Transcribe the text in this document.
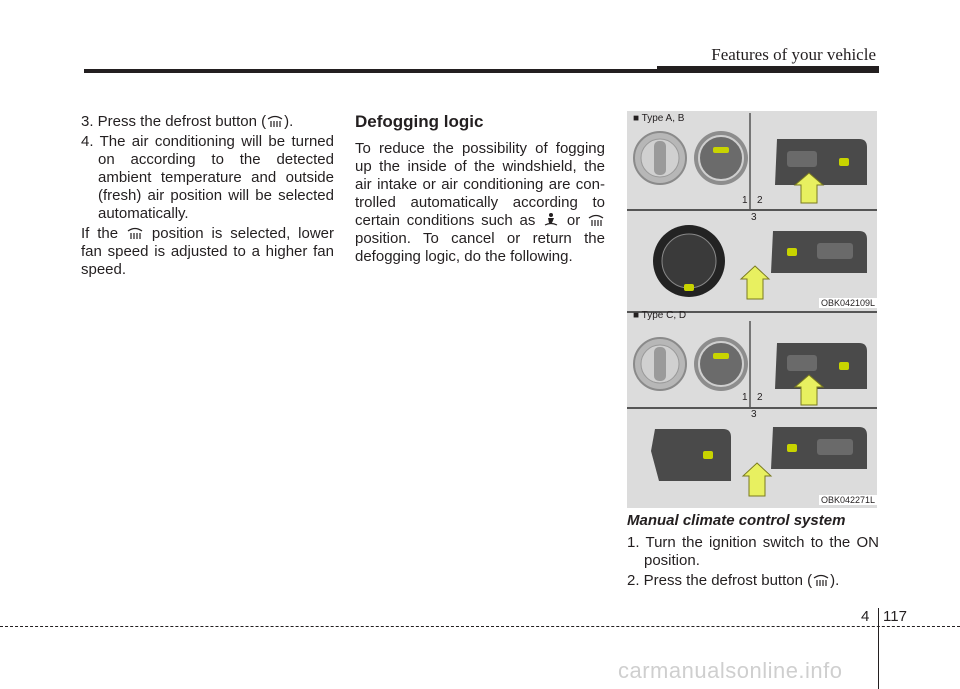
Features of your vehicle

3. Press the defrost button ( ).

4. The air conditioning will be turned on according to the detected ambient temperature and outside (fresh) air position will be selected automatically.

If the position is selected, lower fan speed is adjusted to a higher fan speed.

Defogging logic

To reduce the possibility of fogging up the inside of the windshield, the air intake or air conditioning are con-trolled automatically according to certain conditions such as or  position. To cancel or return the defogging logic, do the following.

■ Type A, B
1 2
3
OBK042109L
■ Type C, D
1 2
3
OBK042271L
Manual climate control system

1. Turn the ignition switch to the ON position.

2. Press the defrost button ( ).

4 117
carmanualsonline.info
